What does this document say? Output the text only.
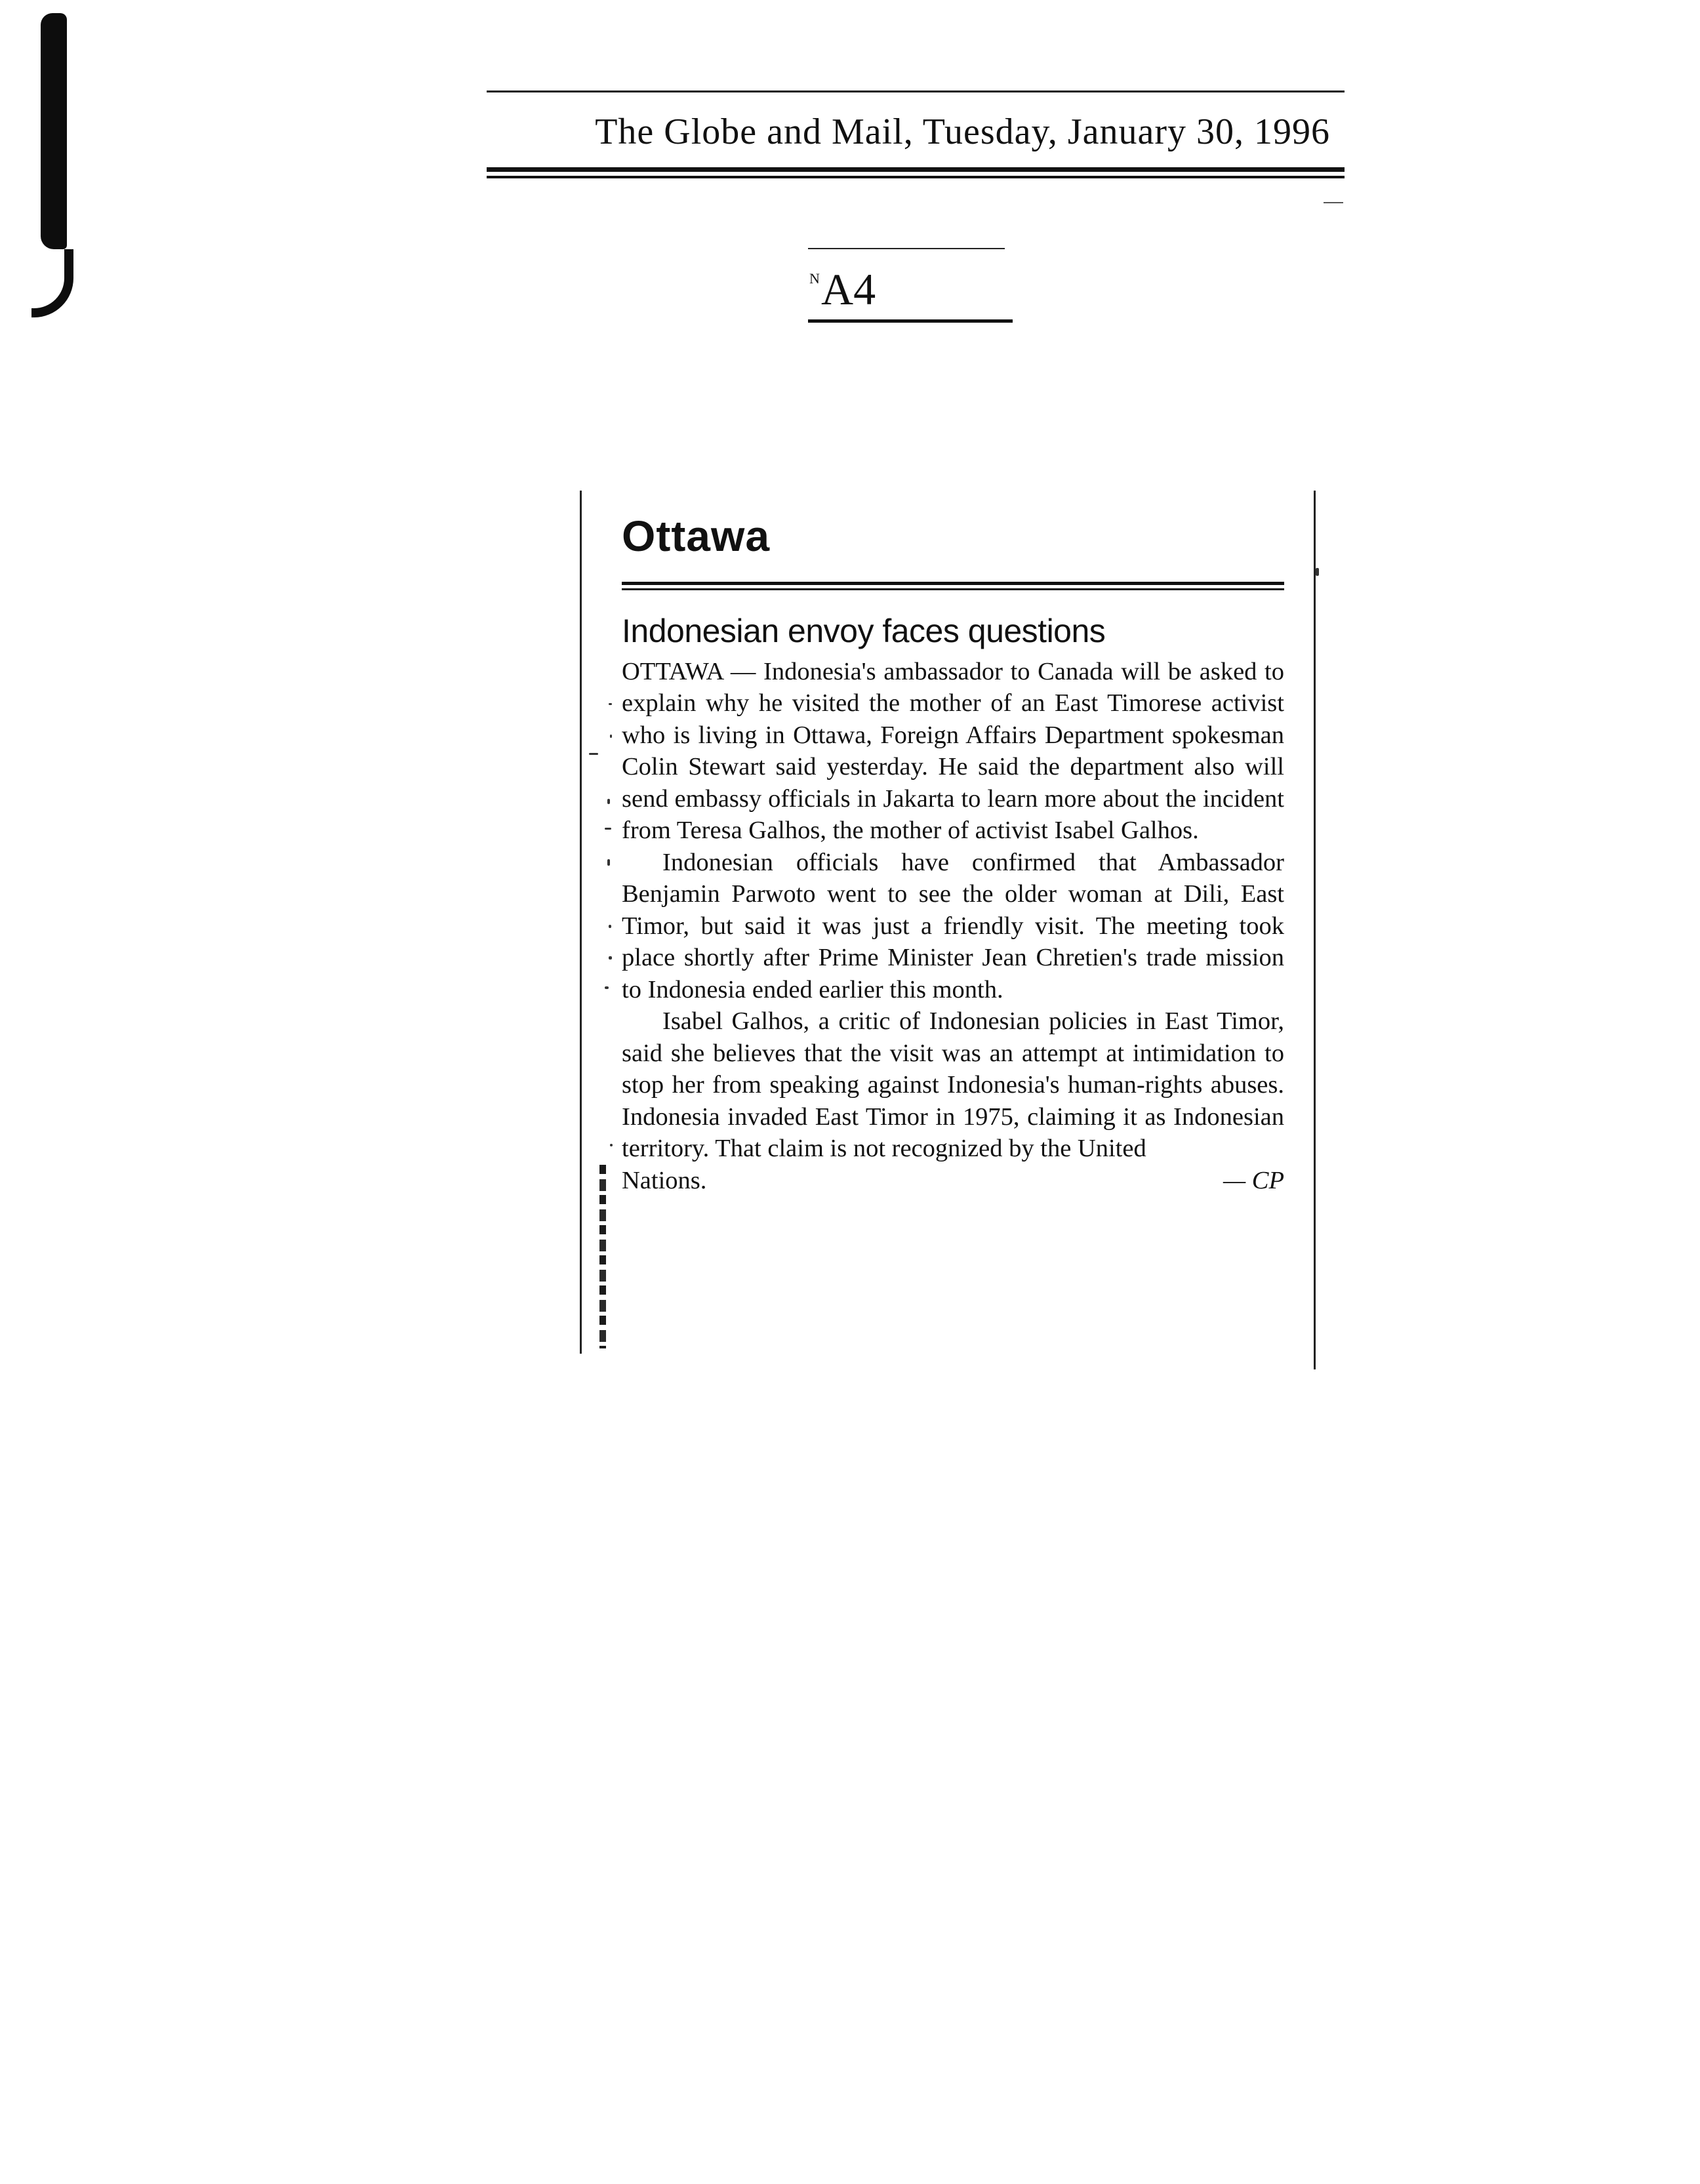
The Globe and Mail, Tuesday, January 30, 1996
N A4
Ottawa
Indonesian envoy faces questions

OTTAWA — Indonesia's ambassador to Canada will be asked to explain why he visited the mother of an East Timorese activist who is living in Ottawa, Foreign Affairs Department spokesman Colin Stewart said yesterday. He said the department also will send embassy officials in Jakarta to learn more about the incident from Teresa Galhos, the mother of activist Isabel Galhos.

Indonesian officials have confirmed that Ambassador Benjamin Parwoto went to see the older woman at Dili, East Timor, but said it was just a friendly visit. The meeting took place shortly after Prime Minister Jean Chretien's trade mission to Indonesia ended earlier this month.

Isabel Galhos, a critic of Indonesian policies in East Timor, said she believes that the visit was an attempt at intimidation to stop her from speaking against Indonesia's human-rights abuses. Indonesia invaded East Timor in 1975, claiming it as Indonesian territory. That claim is not recognized by the United

Nations.	— CP
